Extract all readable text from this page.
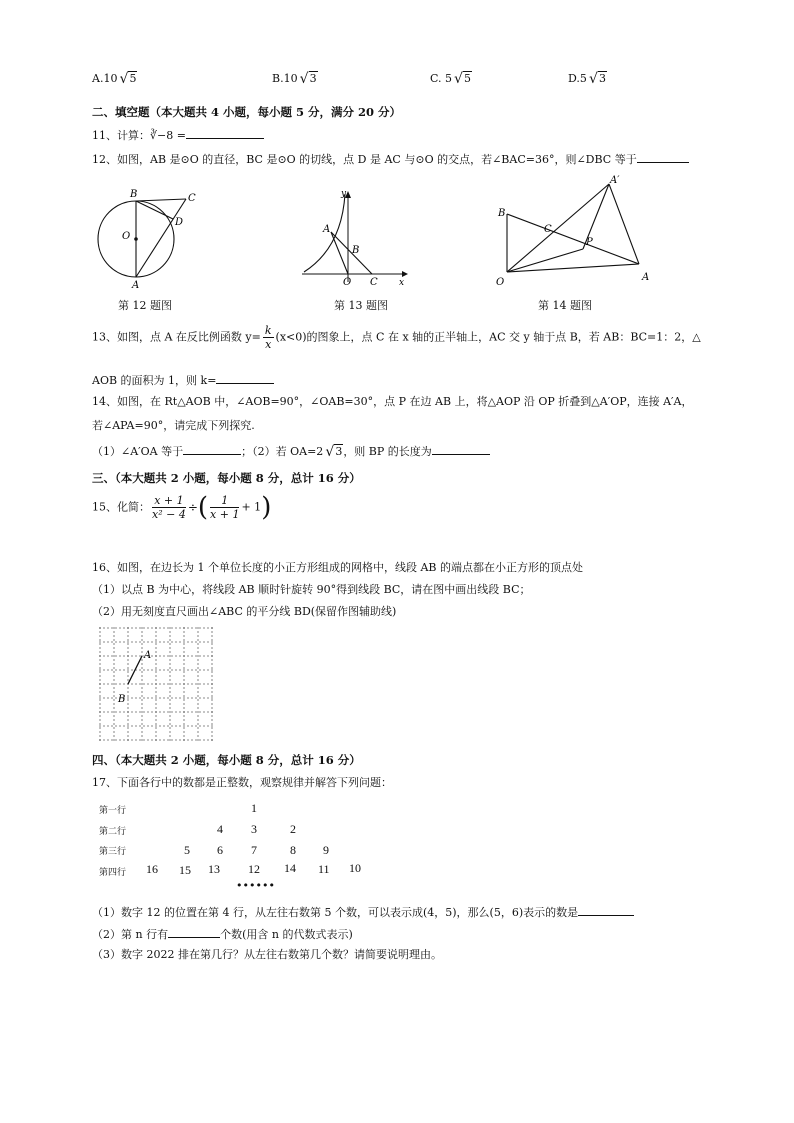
A.10 √ 5	B.10 √ 3	C. 5 √ 5	D.5 √ 3
二、填空题（本大题共 4 小题，每小题 5 分，满分 20 分）
11、计算：∛−8 =
12、如图，AB 是⊙O 的直径，BC 是⊙O 的切线，点 D 是 AC 与⊙O 的交点，若∠BAC=36°，则∠DBC 等于
B	C
D
O
A
第 12 题图
y
A
B
O C x
第 13 题图
A′
B
C
P
O	A
第 14 题图
13、如图，点 A 在反比例函数 $y= \frac{k}{x} (x<0)$的图象上，点 C 在 x 轴的正半轴上，AC 交 y 轴于点 B，若 AB：BC=1：2，△
AOB 的面积为 1，则 k=
14、如图，在 Rt△AOB 中，∠AOB=90°，∠OAB=30°，点 P 在边 AB 上，将△AOP 沿 OP 折叠到△A′OP，连接 A′A，
若∠APA=90°，请完成下列探究.
（1）∠A′OA 等于	；（2）若 OA=2 √ 3，则 BP 的长度为
三、（本大题共 2 小题，每小题 8 分，总计 16 分）
15、化简： $\frac{x + 1}{\text{x² − 4}}$ ÷( $\frac{1}{x + 1} + 1$)
16、如图，在边长为 1 个单位长度的小正方形组成的网格中，线段 AB 的端点都在小正方形的顶点处
（1）以点 B 为中心，将线段 AB 顺时针旋转 90°得到线段 BC，请在图中画出线段 BC；
（2）用无刻度直尺画出∠ABC 的平分线 BD(保留作图辅助线)
A
B
四、（本大题共 2 小题，每小题 8 分，总计 16 分）
17、下面各行中的数都是正整数，观察规律并解答下列问题：
第一行	1
第二行	4 3	2
第三行	5 6 7	8 9
第四行 16 15 13 12 14 11 10
••••••
（1）数字 12 的位置在第 4 行，从左往右数第 5 个数，可以表示成(4，5)，那么(5，6)表示的数是
（2）第 n 行有	个数(用含 n 的代数式表示)
（3）数字 2022 排在第几行？从左往右数第几个数？请简要说明理由。
